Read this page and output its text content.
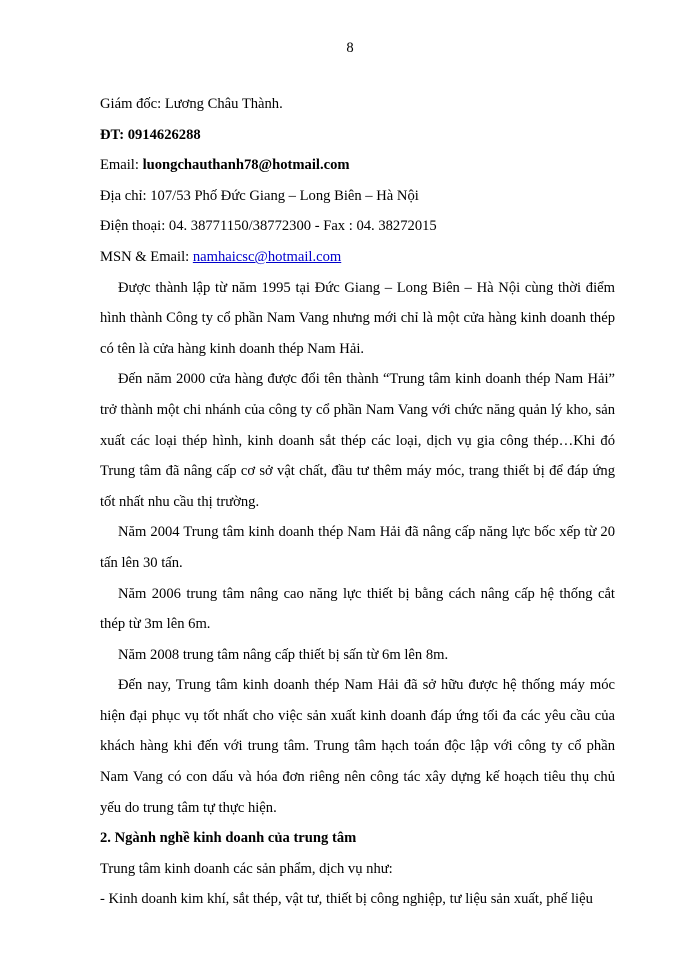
8

Giám đốc: Lương Châu Thành.

ĐT: 0914626288

Email: luongchauthanh78@hotmail.com

Địa chỉ: 107/53 Phố Đức Giang – Long Biên – Hà Nội

Điện thoại: 04. 38771150/38772300 - Fax : 04. 38272015

MSN & Email: namhaicsc@hotmail.com

Được thành lập từ năm 1995 tại Đức Giang – Long Biên – Hà Nội cùng thời điểm hình thành Công ty cổ phần Nam Vang nhưng mới chỉ là một cửa hàng kinh doanh thép có tên là cửa hàng kinh doanh thép Nam Hải.

Đến năm 2000 cửa hàng được đổi tên thành “Trung tâm kinh doanh thép Nam Hải” trở thành một chi nhánh của công ty cổ phần Nam Vang với chức năng quản lý kho, sản xuất các loại thép hình, kinh doanh sắt thép các loại, dịch vụ gia công thép…Khi đó Trung tâm đã nâng cấp cơ sở vật chất, đầu tư thêm máy móc, trang thiết bị để đáp ứng tốt nhất nhu cầu thị trường.

Năm 2004 Trung tâm kinh doanh thép Nam Hải đã nâng cấp năng lực bốc xếp từ 20 tấn lên 30 tấn.

Năm 2006 trung tâm nâng cao năng lực thiết bị bằng cách nâng cấp hệ thống cắt thép từ 3m lên 6m.

Năm 2008 trung tâm nâng cấp thiết bị sấn từ 6m lên 8m.

Đến nay, Trung tâm kinh doanh thép Nam Hải đã sở hữu được hệ thống máy móc hiện đại phục vụ tốt nhất cho việc sản xuất kinh doanh đáp ứng tối đa các yêu cầu của khách hàng khi đến với trung tâm. Trung tâm hạch toán độc lập với công ty cổ phần Nam Vang có con dấu và hóa đơn riêng nên công tác xây dựng kế hoạch tiêu thụ chủ yếu do trung tâm tự thực hiện.

2. Ngành nghề kinh doanh của trung tâm

Trung tâm kinh doanh các sản phẩm, dịch vụ như:

- Kinh doanh kim khí, sắt thép, vật tư, thiết bị công nghiệp, tư liệu sản xuất, phế liệu
